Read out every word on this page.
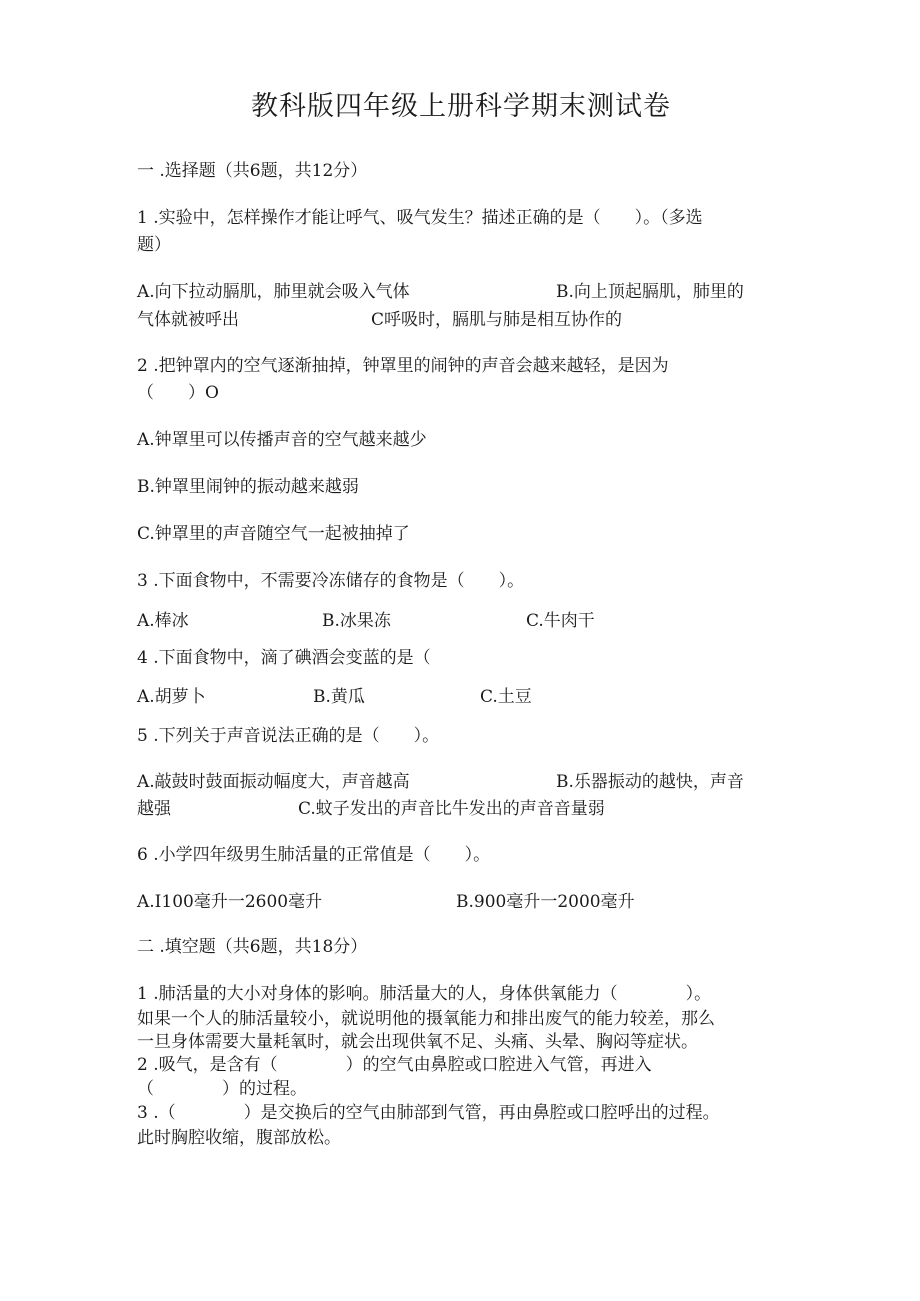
教科版四年级上册科学期末测试卷
一 .选择题（共6题，共12分）
1 .实验中，怎样操作才能让呼气、吸气发生？描述正确的是（　　）。（多选
题）
A.向下拉动膈肌，肺里就会吸入气体	B.向上顶起膈肌，肺里的
气体就被呼出	C呼吸时，膈肌与肺是相互协作的
2 .把钟罩内的空气逐渐抽掉，钟罩里的闹钟的声音会越来越轻，是因为
（　　）O
A.钟罩里可以传播声音的空气越来越少
B.钟罩里闹钟的振动越来越弱
C.钟罩里的声音随空气一起被抽掉了
3 .下面食物中，不需要冷冻储存的食物是（　　）。
A.棒冰	B.冰果冻	C.牛肉干
4 .下面食物中，滴了碘酒会变蓝的是（
A.胡萝卜	B.黄瓜	C.土豆
5 .下列关于声音说法正确的是（　　）。
A.敲鼓时鼓面振动幅度大，声音越高	B.乐器振动的越快，声音
越强	C.蚊子发出的声音比牛发出的声音音量弱
6 .小学四年级男生肺活量的正常值是（　　）。
A.I100毫升一2600毫升	B.900毫升一2000毫升
二 .填空题（共6题，共18分）
1 .肺活量的大小对身体的影响。肺活量大的人，身体供氧能力（　　　　）。
如果一个人的肺活量较小，就说明他的摄氧能力和排出废气的能力较差，那么
一旦身体需要大量耗氧时，就会出现供氧不足、头痛、头晕、胸闷等症状。
2 .吸气，是含有（　　　　）的空气由鼻腔或口腔进入气管，再进入
（　　　　）的过程。
3 .（　　　　）是交换后的空气由肺部到气管，再由鼻腔或口腔呼出的过程。
此时胸腔收缩，腹部放松。
